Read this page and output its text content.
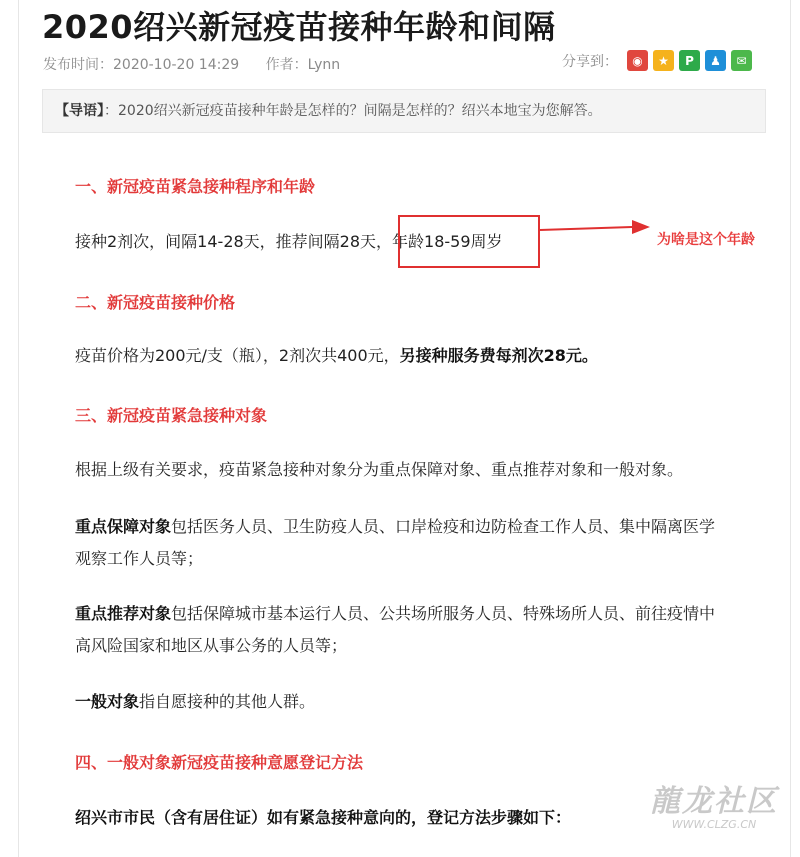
2020绍兴新冠疫苗接种年龄和间隔
发布时间：2020-10-20 14:29 作者：Lynn	分享到： ◉ ★ P ♟ ✉
【导语】：2020绍兴新冠疫苗接种年龄是怎样的？间隔是怎样的？绍兴本地宝为您解答。
一、新冠疫苗紧急接种程序和年龄
接种2剂次，间隔14-28天，推荐间隔28天，年龄18-59周岁	为啥是这个年龄
二、新冠疫苗接种价格
疫苗价格为200元/支（瓶），2剂次共400元，另接种服务费每剂次28元。
三、新冠疫苗紧急接种对象
根据上级有关要求，疫苗紧急接种对象分为重点保障对象、重点推荐对象和一般对象。
重点保障对象包括医务人员、卫生防疫人员、口岸检疫和边防检查工作人员、集中隔离医学
观察工作人员等；
重点推荐对象包括保障城市基本运行人员、公共场所服务人员、特殊场所人员、前往疫情中
高风险国家和地区从事公务的人员等；
一般对象指自愿接种的其他人群。
四、一般对象新冠疫苗接种意愿登记方法
绍兴市市民（含有居住证）如有紧急接种意向的，登记方法步骤如下：	龍龙社区
WWW.CLZG.CN
